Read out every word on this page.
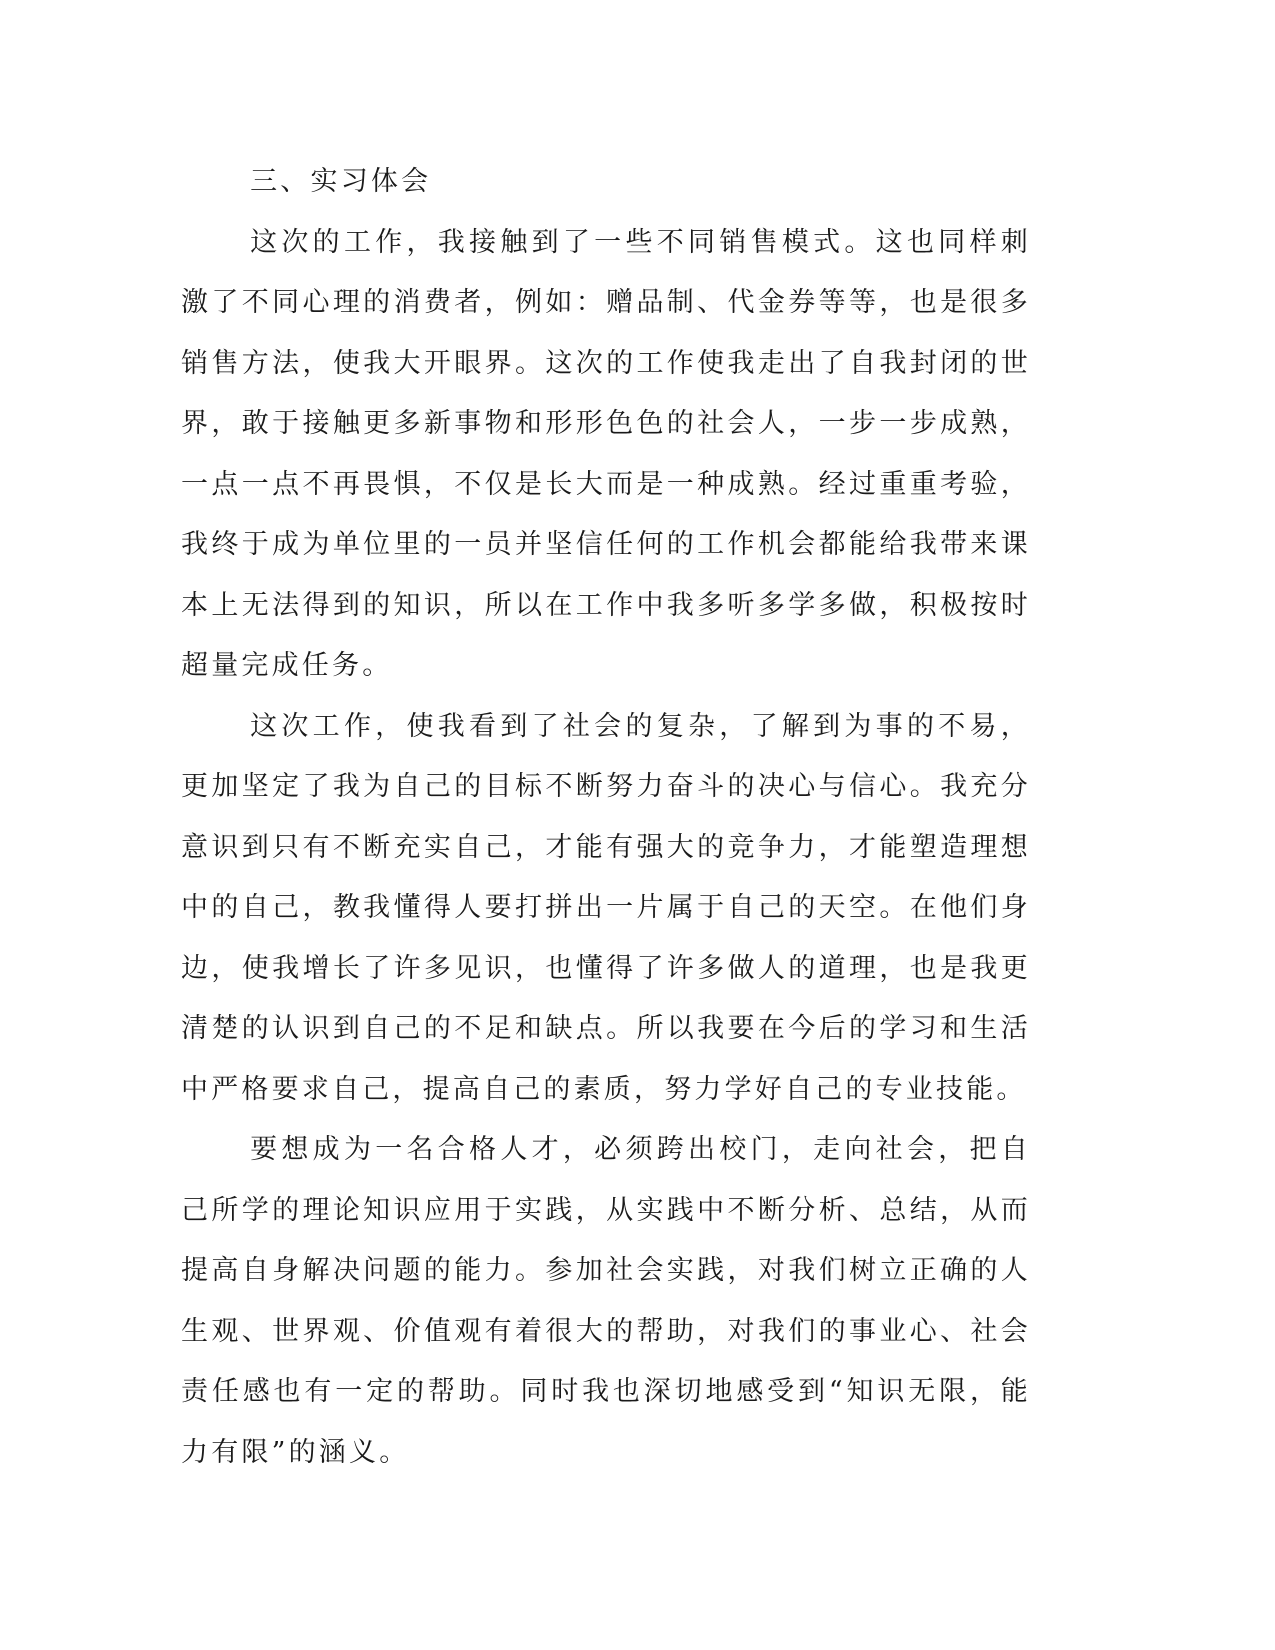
三、实习体会

这次的工作，我接触到了一些不同销售模式。这也同样刺激了不同心理的消费者，例如：赠品制、代金券等等，也是很多销售方法，使我大开眼界。这次的工作使我走出了自我封闭的世界，敢于接触更多新事物和形形色色的社会人，一步一步成熟，一点一点不再畏惧，不仅是长大而是一种成熟。经过重重考验，我终于成为单位里的一员并坚信任何的工作机会都能给我带来课本上无法得到的知识，所以在工作中我多听多学多做，积极按时超量完成任务。

这次工作，使我看到了社会的复杂，了解到为事的不易，更加坚定了我为自己的目标不断努力奋斗的决心与信心。我充分意识到只有不断充实自己，才能有强大的竞争力，才能塑造理想中的自己，教我懂得人要打拼出一片属于自己的天空。在他们身边，使我增长了许多见识，也懂得了许多做人的道理，也是我更清楚的认识到自己的不足和缺点。所以我要在今后的学习和生活中严格要求自己，提高自己的素质，努力学好自己的专业技能。

要想成为一名合格人才，必须跨出校门，走向社会，把自己所学的理论知识应用于实践，从实践中不断分析、总结，从而提高自身解决问题的能力。参加社会实践，对我们树立正确的人生观、世界观、价值观有着很大的帮助，对我们的事业心、社会责任感也有一定的帮助。同时我也深切地感受到“知识无限，能力有限”的涵义。
